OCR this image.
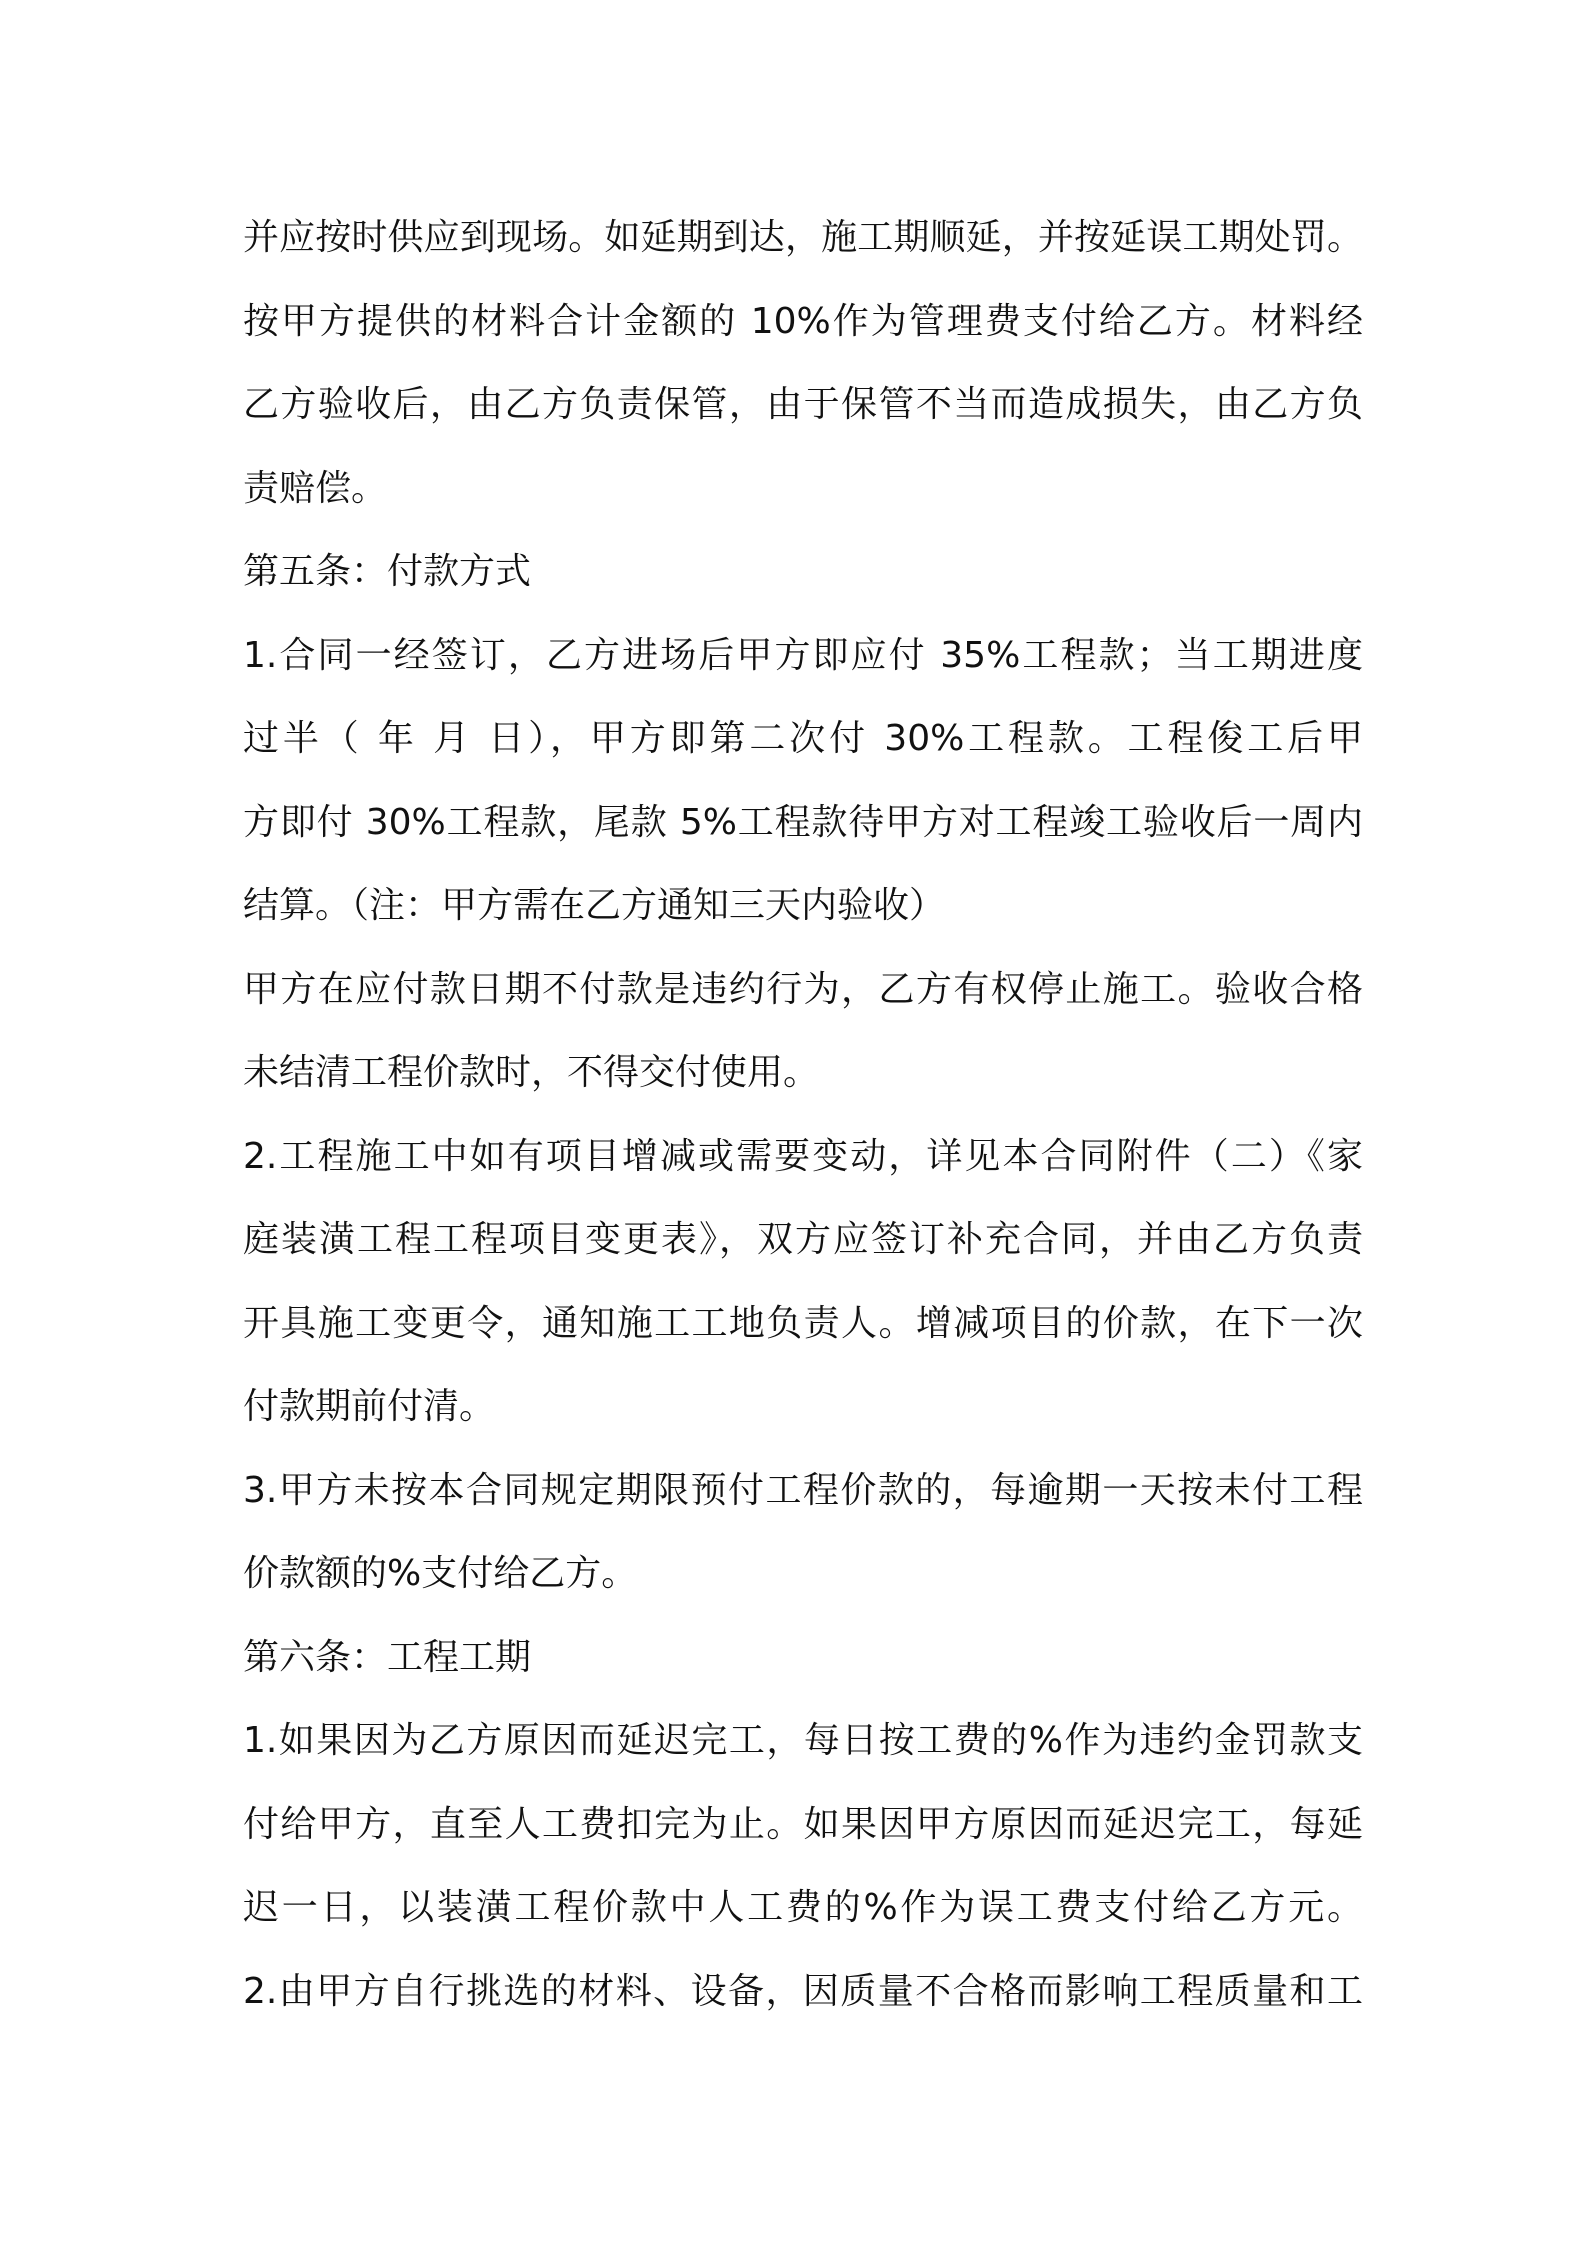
并应按时供应到现场。如延期到达，施工期顺延，并按延误工期处罚。
按甲方提供的材料合计金额的 10%作为管理费支付给乙方。材料经
乙方验收后，由乙方负责保管，由于保管不当而造成损失，由乙方负
责赔偿。
第五条：付款方式
1.合同一经签订，乙方进场后甲方即应付 35%工程款；当工期进度
过半（ 年 月 日），甲方即第二次付 30%工程款。工程俊工后甲
方即付 30%工程款，尾款 5%工程款待甲方对工程竣工验收后一周内
结算。（注：甲方需在乙方通知三天内验收）
甲方在应付款日期不付款是违约行为，乙方有权停止施工。验收合格
未结清工程价款时，不得交付使用。
2.工程施工中如有项目增减或需要变动，详见本合同附件（二）《家
庭装潢工程工程项目变更表》，双方应签订补充合同，并由乙方负责
开具施工变更令，通知施工工地负责人。增减项目的价款，在下一次
付款期前付清。
3.甲方未按本合同规定期限预付工程价款的，每逾期一天按未付工程
价款额的%支付给乙方。
第六条：工程工期
1.如果因为乙方原因而延迟完工，每日按工费的%作为违约金罚款支
付给甲方，直至人工费扣完为止。如果因甲方原因而延迟完工，每延
迟一日，以装潢工程价款中人工费的%作为误工费支付给乙方元。
2.由甲方自行挑选的材料、设备，因质量不合格而影响工程质量和工
